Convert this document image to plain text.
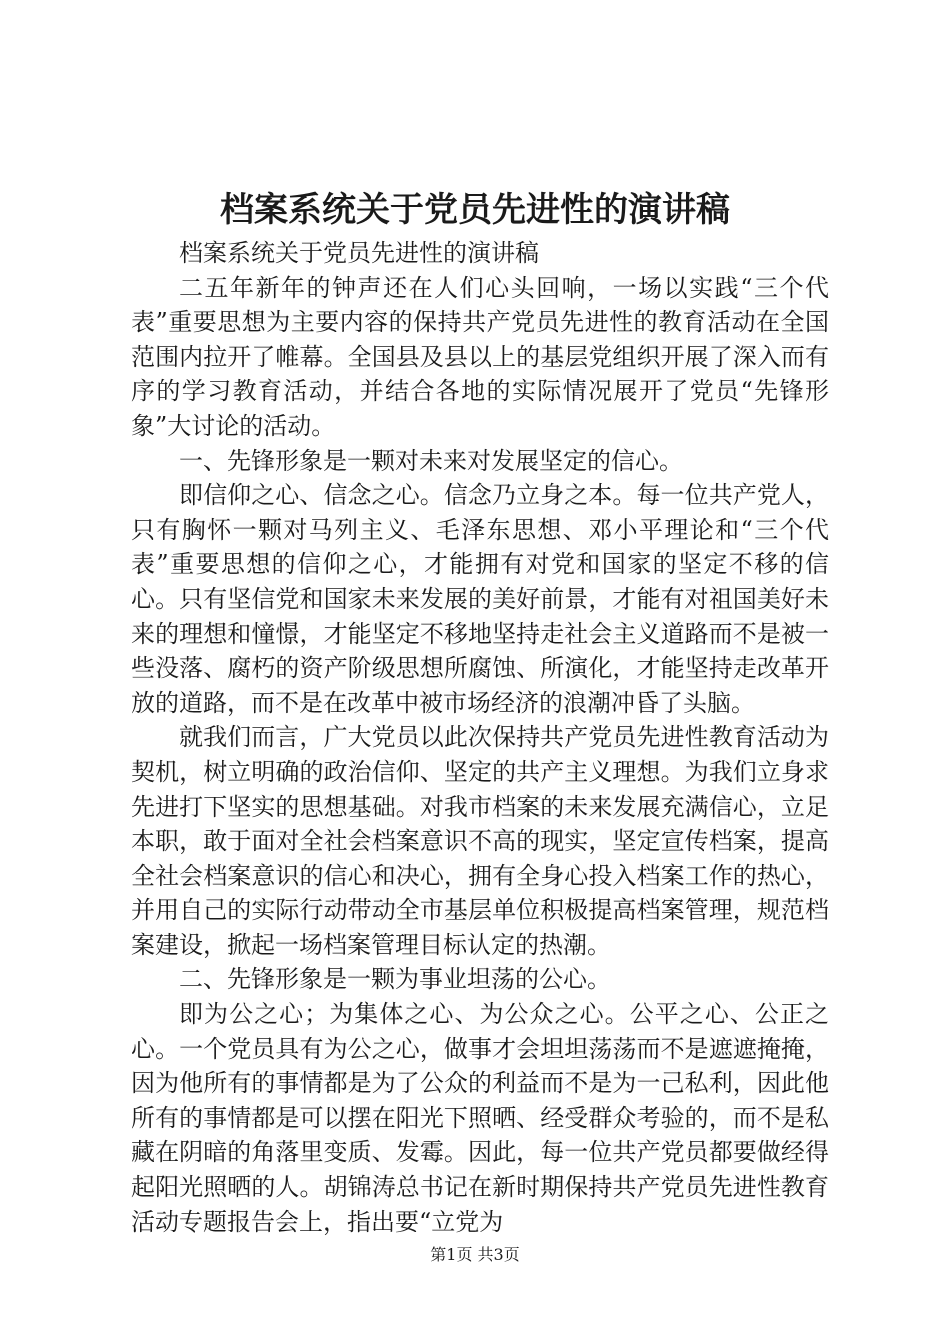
档案系统关于党员先进性的演讲稿

档案系统关于党员先进性的演讲稿

二五年新年的钟声还在人们心头回响，一场以实践“三个代表”重要思想为主要内容的保持共产党员先进性的教育活动在全国范围内拉开了帷幕。全国县及县以上的基层党组织开展了深入而有序的学习教育活动，并结合各地的实际情况展开了党员“先锋形象”大讨论的活动。

一、先锋形象是一颗对未来对发展坚定的信心。

即信仰之心、信念之心。信念乃立身之本。每一位共产党人，只有胸怀一颗对马列主义、毛泽东思想、邓小平理论和“三个代表”重要思想的信仰之心，才能拥有对党和国家的坚定不移的信心。只有坚信党和国家未来发展的美好前景，才能有对祖国美好未来的理想和憧憬，才能坚定不移地坚持走社会主义道路而不是被一些没落、腐朽的资产阶级思想所腐蚀、所演化，才能坚持走改革开放的道路，而不是在改革中被市场经济的浪潮冲昏了头脑。

就我们而言，广大党员以此次保持共产党员先进性教育活动为契机，树立明确的政治信仰、坚定的共产主义理想。为我们立身求先进打下坚实的思想基础。对我市档案的未来发展充满信心，立足本职，敢于面对全社会档案意识不高的现实，坚定宣传档案，提高全社会档案意识的信心和决心，拥有全身心投入档案工作的热心，并用自己的实际行动带动全市基层单位积极提高档案管理，规范档案建设，掀起一场档案管理目标认定的热潮。

二、先锋形象是一颗为事业坦荡的公心。

即为公之心；为集体之心、为公众之心。公平之心、公正之心。一个党员具有为公之心，做事才会坦坦荡荡而不是遮遮掩掩，因为他所有的事情都是为了公众的利益而不是为一己私利，因此他所有的事情都是可以摆在阳光下照晒、经受群众考验的，而不是私藏在阴暗的角落里变质、发霉。因此，每一位共产党员都要做经得起阳光照晒的人。胡锦涛总书记在新时期保持共产党员先进性教育活动专题报告会上，指出要“立党为

第1页 共3页
